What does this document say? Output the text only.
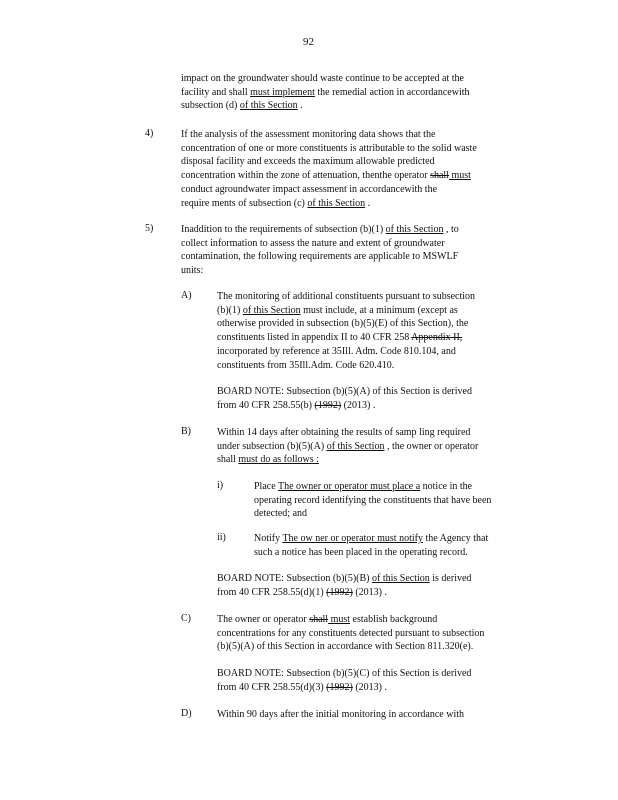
92
impact on the groundwater should waste continue to be accepted at the
facility and shall must implement the remedial action in accordancewith
subsection (d) of this Section .
4)	If the analysis of the assessment monitoring data shows that the
concentration of one or more constituents is attributable to the solid waste
disposal facility and exceeds the maximum allowable predicted
concentration within the zone of attenuation, thenthe operator shall must
conduct agroundwater impact assessment in accordancewith the
require ments of subsection (c) of this Section .
5)	Inaddition to the requirements of subsection (b)(1) of this Section , to
collect information to assess the nature and extent of groundwater
contamination, the following requirements are applicable to MSWLF
units:
A)	The monitoring of additional constituents pursuant to subsection
(b)(1) of this Section must include, at a minimum (except as
otherwise provided in subsection (b)(5)(E) of this Section), the
constituents listed in appendix II to 40 CFR 258 Appendix II,
incorporated by reference at 35Ill. Adm. Code 810.104, and
constituents from 35Ill.Adm. Code 620.410.
BOARD NOTE: Subsection (b)(5)(A) of this Section is derived
from 40 CFR 258.55(b) (1992) (2013) .
B)	Within 14 days after obtaining the results of samp ling required
under subsection (b)(5)(A) of this Section , the owner or operator
shall must do as follows :
i)	Place The owner or operator must place a notice in the
operating record identifying the constituents that have been
detected; and
ii)	Notify The ow ner or operator must notify the Agency that
such a notice has been placed in the operating record.
BOARD NOTE: Subsection (b)(5)(B) of this Section is derived
from 40 CFR 258.55(d)(1) (1992) (2013) .
C)	The owner or operator shall must establish background
concentrations for any constituents detected pursuant to subsection
(b)(5)(A) of this Section in accordance with Section 811.320(e).
BOARD NOTE: Subsection (b)(5)(C) of this Section is derived
from 40 CFR 258.55(d)(3) (1992) (2013) .
D)	Within 90 days after the initial monitoring in accordance with
